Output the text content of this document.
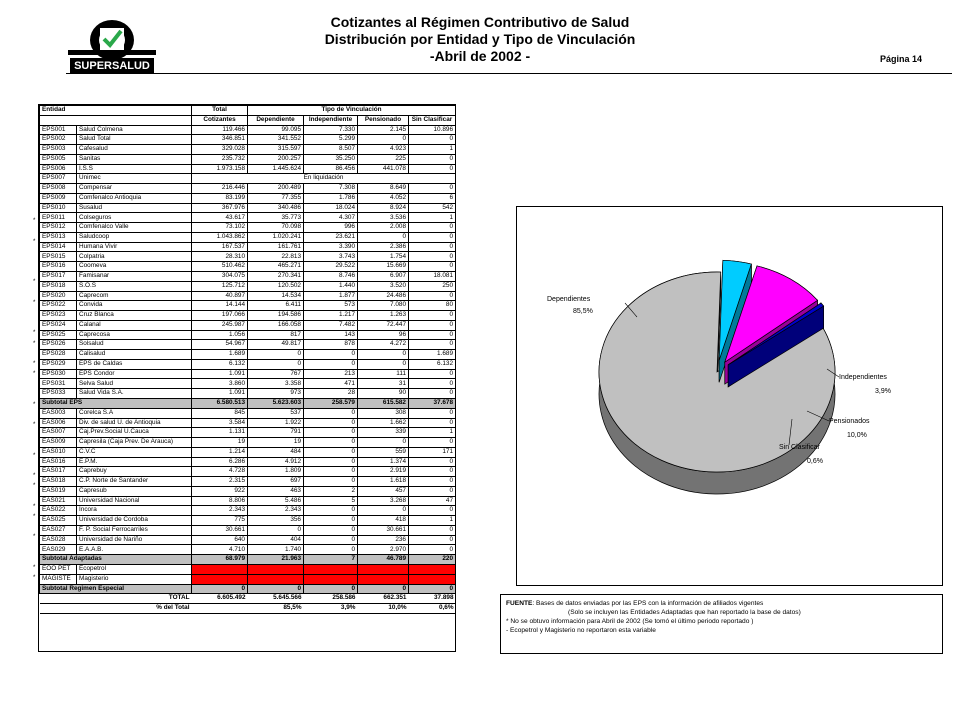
SUPERSALUD
Cotizantes al Régimen Contributivo de Salud
Distribución por Entidad y Tipo de Vinculación
-Abril de 2002 -	Página 14
Entidad		Total	Tipo de Vinculación			
		Cotizantes	Dependiente	Independiente	Pensionado	Sin Clasificar
EPS001	Salud Colmena	119.466	99.095	7.330	2.145	10.896
EPS002	Salud Total	346.851	341.552	5.299	0	0
EPS003	Cafesalud	329.028	315.597	8.507	4.923	1
EPS005	Sanitas	235.732	200.257	35.250	225	0
EPS006	I.S.S	1.973.158	1.445.624	86.456	441.078	0
EPS007	Unimec	En liquidación				
EPS008	Compensar	216.446	200.489	7.308	8.649	0
EPS009	Comfenalco Antioquia	83.199	77.355	1.786	4.052	6
EPS010	Susalud	367.976	340.486	18.024	8.924	542
EPS011	Colseguros	43.617	35.773	4.307	3.536	1
EPS012	Comfenalco Valle	73.102	70.098	996	2.008	0
EPS013	Saludcoop	1.043.862	1.020.241	23.621	0	0
EPS014	Humana Vivir	167.537	161.761	3.390	2.386	0
EPS015	Colpatria	28.310	22.813	3.743	1.754	0
EPS016	Coomeva	510.462	465.271	29.522	15.669	0
EPS017	Famisanar	304.075	270.341	8.746	6.907	18.081
EPS018	S.O.S	125.712	120.502	1.440	3.520	250
EPS020	Caprecom	40.897	14.534	1.877	24.486	0
EPS022	Convida	14.144	6.411	573	7.080	80
EPS023	Cruz Blanca	197.066	194.586	1.217	1.263	0
EPS024	Calanal	245.987	166.058	7.482	72.447	0
EPS025	Caprecosa	1.056	817	143	96	0
EPS026	Solsalud	54.967	49.817	878	4.272	0
EPS028	Calisalud	1.689	0	0	0	1.689
EPS029	EPS de Caldas	6.132	0	0	0	6.132
EPS030	EPS Condor	1.091	767	213	111	0
EPS031	Selva Salud	3.860	3.358	471	31	0
EPS033	Salud Vida S.A.	1.091	973	28	90	0
Subtotal EPS		6.580.513	5.623.603	258.579	615.582	37.678
EAS003	Corelca S.A	845	537	0	308	0
EAS006	Div. de salud U. de Antioquia	3.584	1.922	0	1.662	0
EAS007	Caj.Prev.Social U.Cauca	1.131	791	0	339	1
EAS009	Capresila (Caja Prev. De Arauca)	19	19	0	0	0
EAS010	C.V.C	1.214	484	0	559	171
EAS016	E.P.M.	6.286	4.912	0	1.374	0
EAS017	Caprebuy	4.728	1.809	0	2.919	0
EAS018	C.P. Norte de Santander	2.315	697	0	1.618	0
EAS019	Capresub	922	463	2	457	0
EAS021	Universidad Nacional	8.806	5.486	5	3.268	47
EAS022	Incora	2.343	2.343	0	0	0
EAS025	Universidad de Cordoba	775	356	0	418	1
EAS027	F. P. Social Ferrocarriles	30.661	0	0	30.661	0
EAS028	Universidad de Nariño	640	404	0	236	0
EAS029	E.A.A.B.	4.710	1.740	0	2.970	0
Subtotal Adaptadas		68.979	21.963	7	46.789	220
EOO PET	Ecopetrol					
MAGISTE	Magisterio					
Subtotal Regimen Especial		0	0	0	0	0
TOTAL		6.605.492	5.645.566	258.586	662.351	37.898
% del Total			85,5%	3,9%	10,0%	0,6%
*
*
*
*
*
*
*
*
*
*
*
*
*
*
*
*
*
*
Dependientes
85,5%
Independientes
3,9%
Pensionados
10,0%
Sin Clasificar
0,6%
FUENTE: Bases de datos enviadas por las EPS con la información de afiliados vigentes
(Solo se incluyen las Entidades Adaptadas que han reportado la base de datos)
* No se obtuvo información para Abril de 2002 (Se tomó el último periodo reportado )
- Ecopetrol y Magisterio no reportaron esta variable
